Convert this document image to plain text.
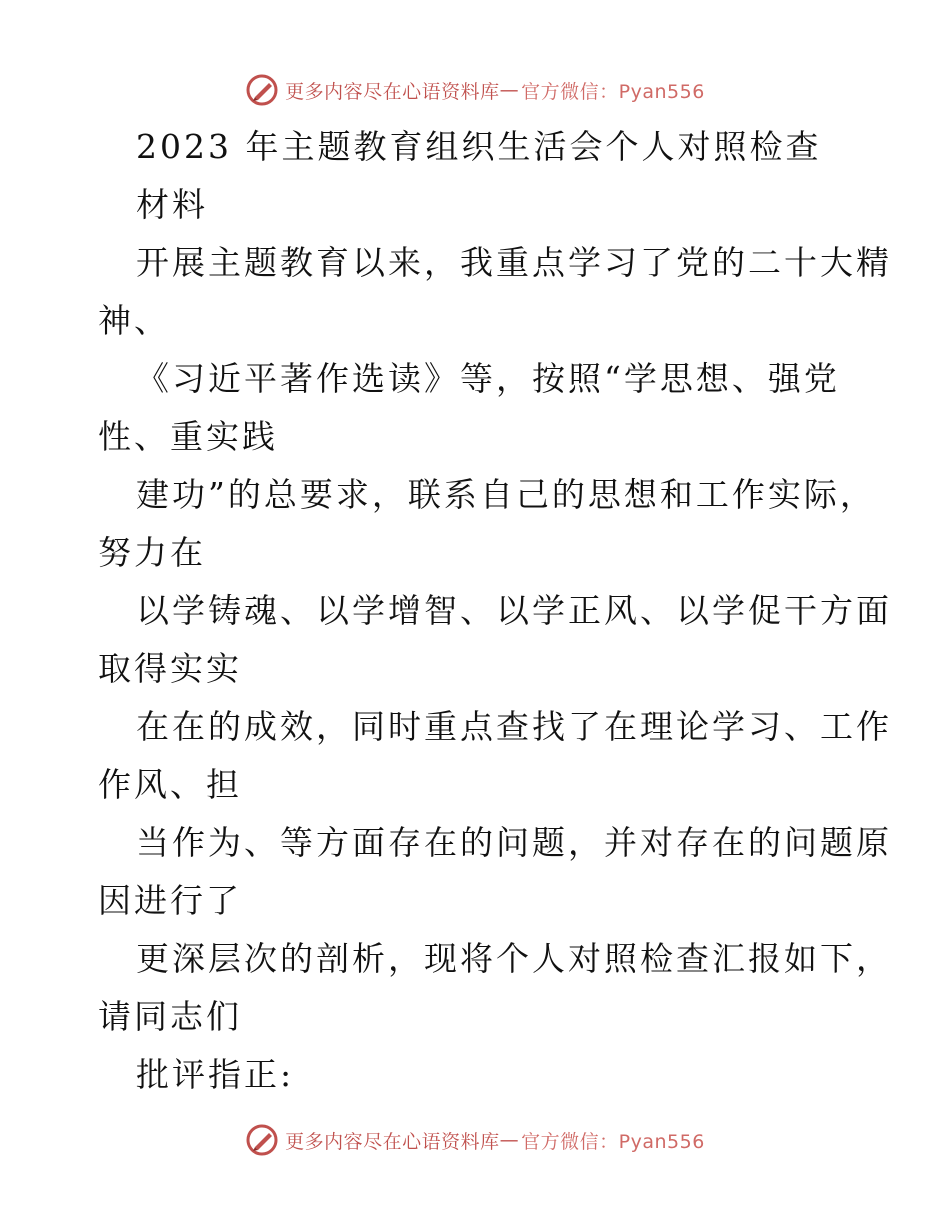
更多内容尽在心语资料库 — 官方微信：Pyan556
2023 年主题教育组织生活会个人对照检查
材料
开展主题教育以来，我重点学习了党的二十大精
神、
《习近平著作选读》等，按照“学思想、强党
性、重实践
建功”的总要求，联系自己的思想和工作实际，
努力在
以学铸魂、以学增智、以学正风、以学促干方面
取得实实
在在的成效，同时重点查找了在理论学习、工作
作风、担
当作为、等方面存在的问题，并对存在的问题原
因进行了
更深层次的剖析，现将个人对照检查汇报如下，
请同志们
批评指正:
更多内容尽在心语资料库 — 官方微信：Pyan556
